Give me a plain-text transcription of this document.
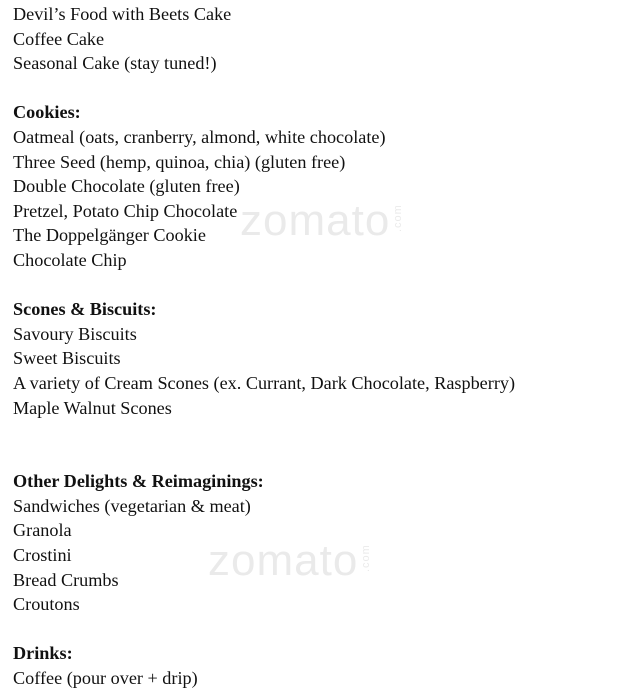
Devil’s Food with Beets Cake
Coffee Cake
Seasonal Cake (stay tuned!)
Cookies:
Oatmeal (oats, cranberry, almond, white chocolate)
Three Seed (hemp, quinoa, chia) (gluten free)
Double Chocolate (gluten free)
Pretzel, Potato Chip Chocolate
The Doppelgänger Cookie
Chocolate Chip
Scones & Biscuits:
Savoury Biscuits
Sweet Biscuits
A variety of Cream Scones (ex. Currant, Dark Chocolate, Raspberry)
Maple Walnut Scones
Other Delights & Reimaginings:
Sandwiches (vegetarian & meat)
Granola
Crostini
Bread Crumbs
Croutons
Drinks:
Coffee (pour over + drip)
zomato .com
zomato .com
